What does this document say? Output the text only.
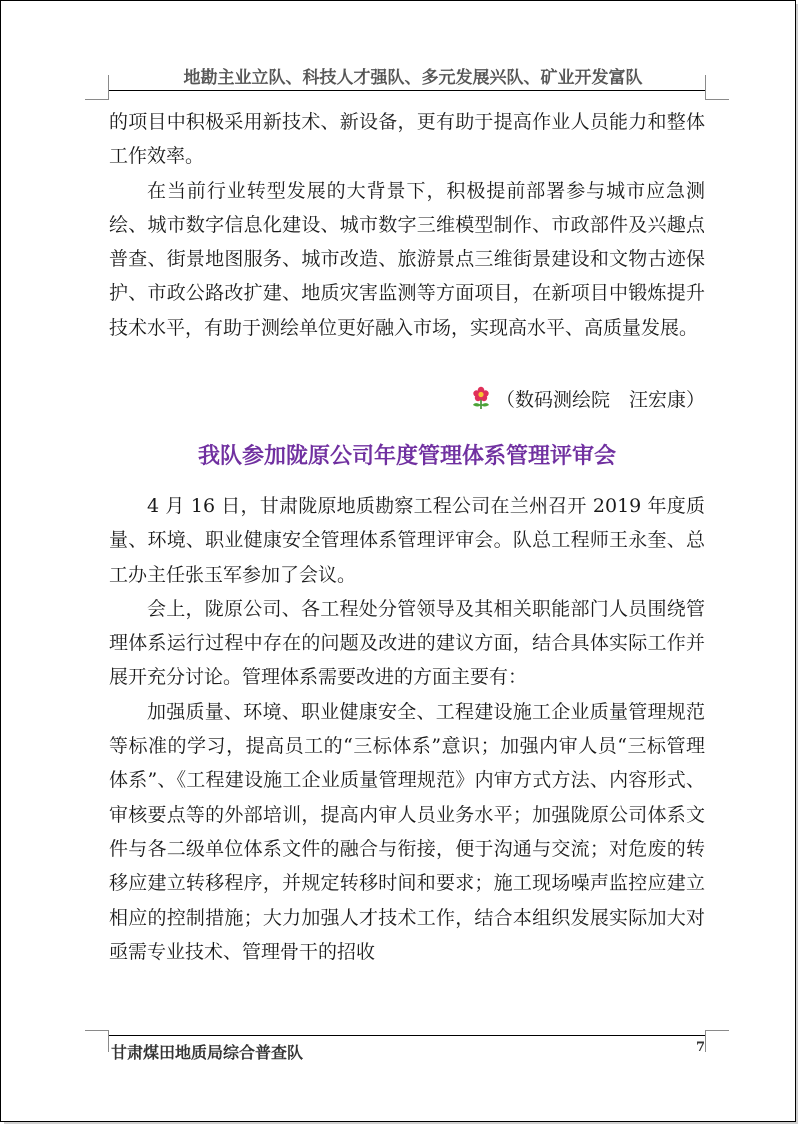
地勘主业立队、科技人才强队、多元发展兴队、矿业开发富队

的项目中积极采用新技术、新设备，更有助于提高作业人员能力和整体工作效率。

在当前行业转型发展的大背景下，积极提前部署参与城市应急测绘、城市数字信息化建设、城市数字三维模型制作、市政部件及兴趣点普查、街景地图服务、城市改造、旅游景点三维街景建设和文物古迹保护、市政公路改扩建、地质灾害监测等方面项目，在新项目中锻炼提升技术水平，有助于测绘单位更好融入市场，实现高水平、高质量发展。

（数码测绘院　汪宏康）
我队参加陇原公司年度管理体系管理评审会

4 月 16 日，甘肃陇原地质勘察工程公司在兰州召开 2019 年度质量、环境、职业健康安全管理体系管理评审会。队总工程师王永奎、总工办主任张玉军参加了会议。

会上，陇原公司、各工程处分管领导及其相关职能部门人员围绕管理体系运行过程中存在的问题及改进的建议方面，结合具体实际工作并展开充分讨论。管理体系需要改进的方面主要有：

加强质量、环境、职业健康安全、工程建设施工企业质量管理规范等标准的学习，提高员工的“三标体系”意识；加强内审人员“三标管理体系”、《工程建设施工企业质量管理规范》内审方式方法、内容形式、审核要点等的外部培训，提高内审人员业务水平；加强陇原公司体系文件与各二级单位体系文件的融合与衔接，便于沟通与交流；对危废的转移应建立转移程序，并规定转移时间和要求；施工现场噪声监控应建立相应的控制措施；大力加强人才技术工作，结合本组织发展实际加大对亟需专业技术、管理骨干的招收

甘肃煤田地质局综合普查队	7
